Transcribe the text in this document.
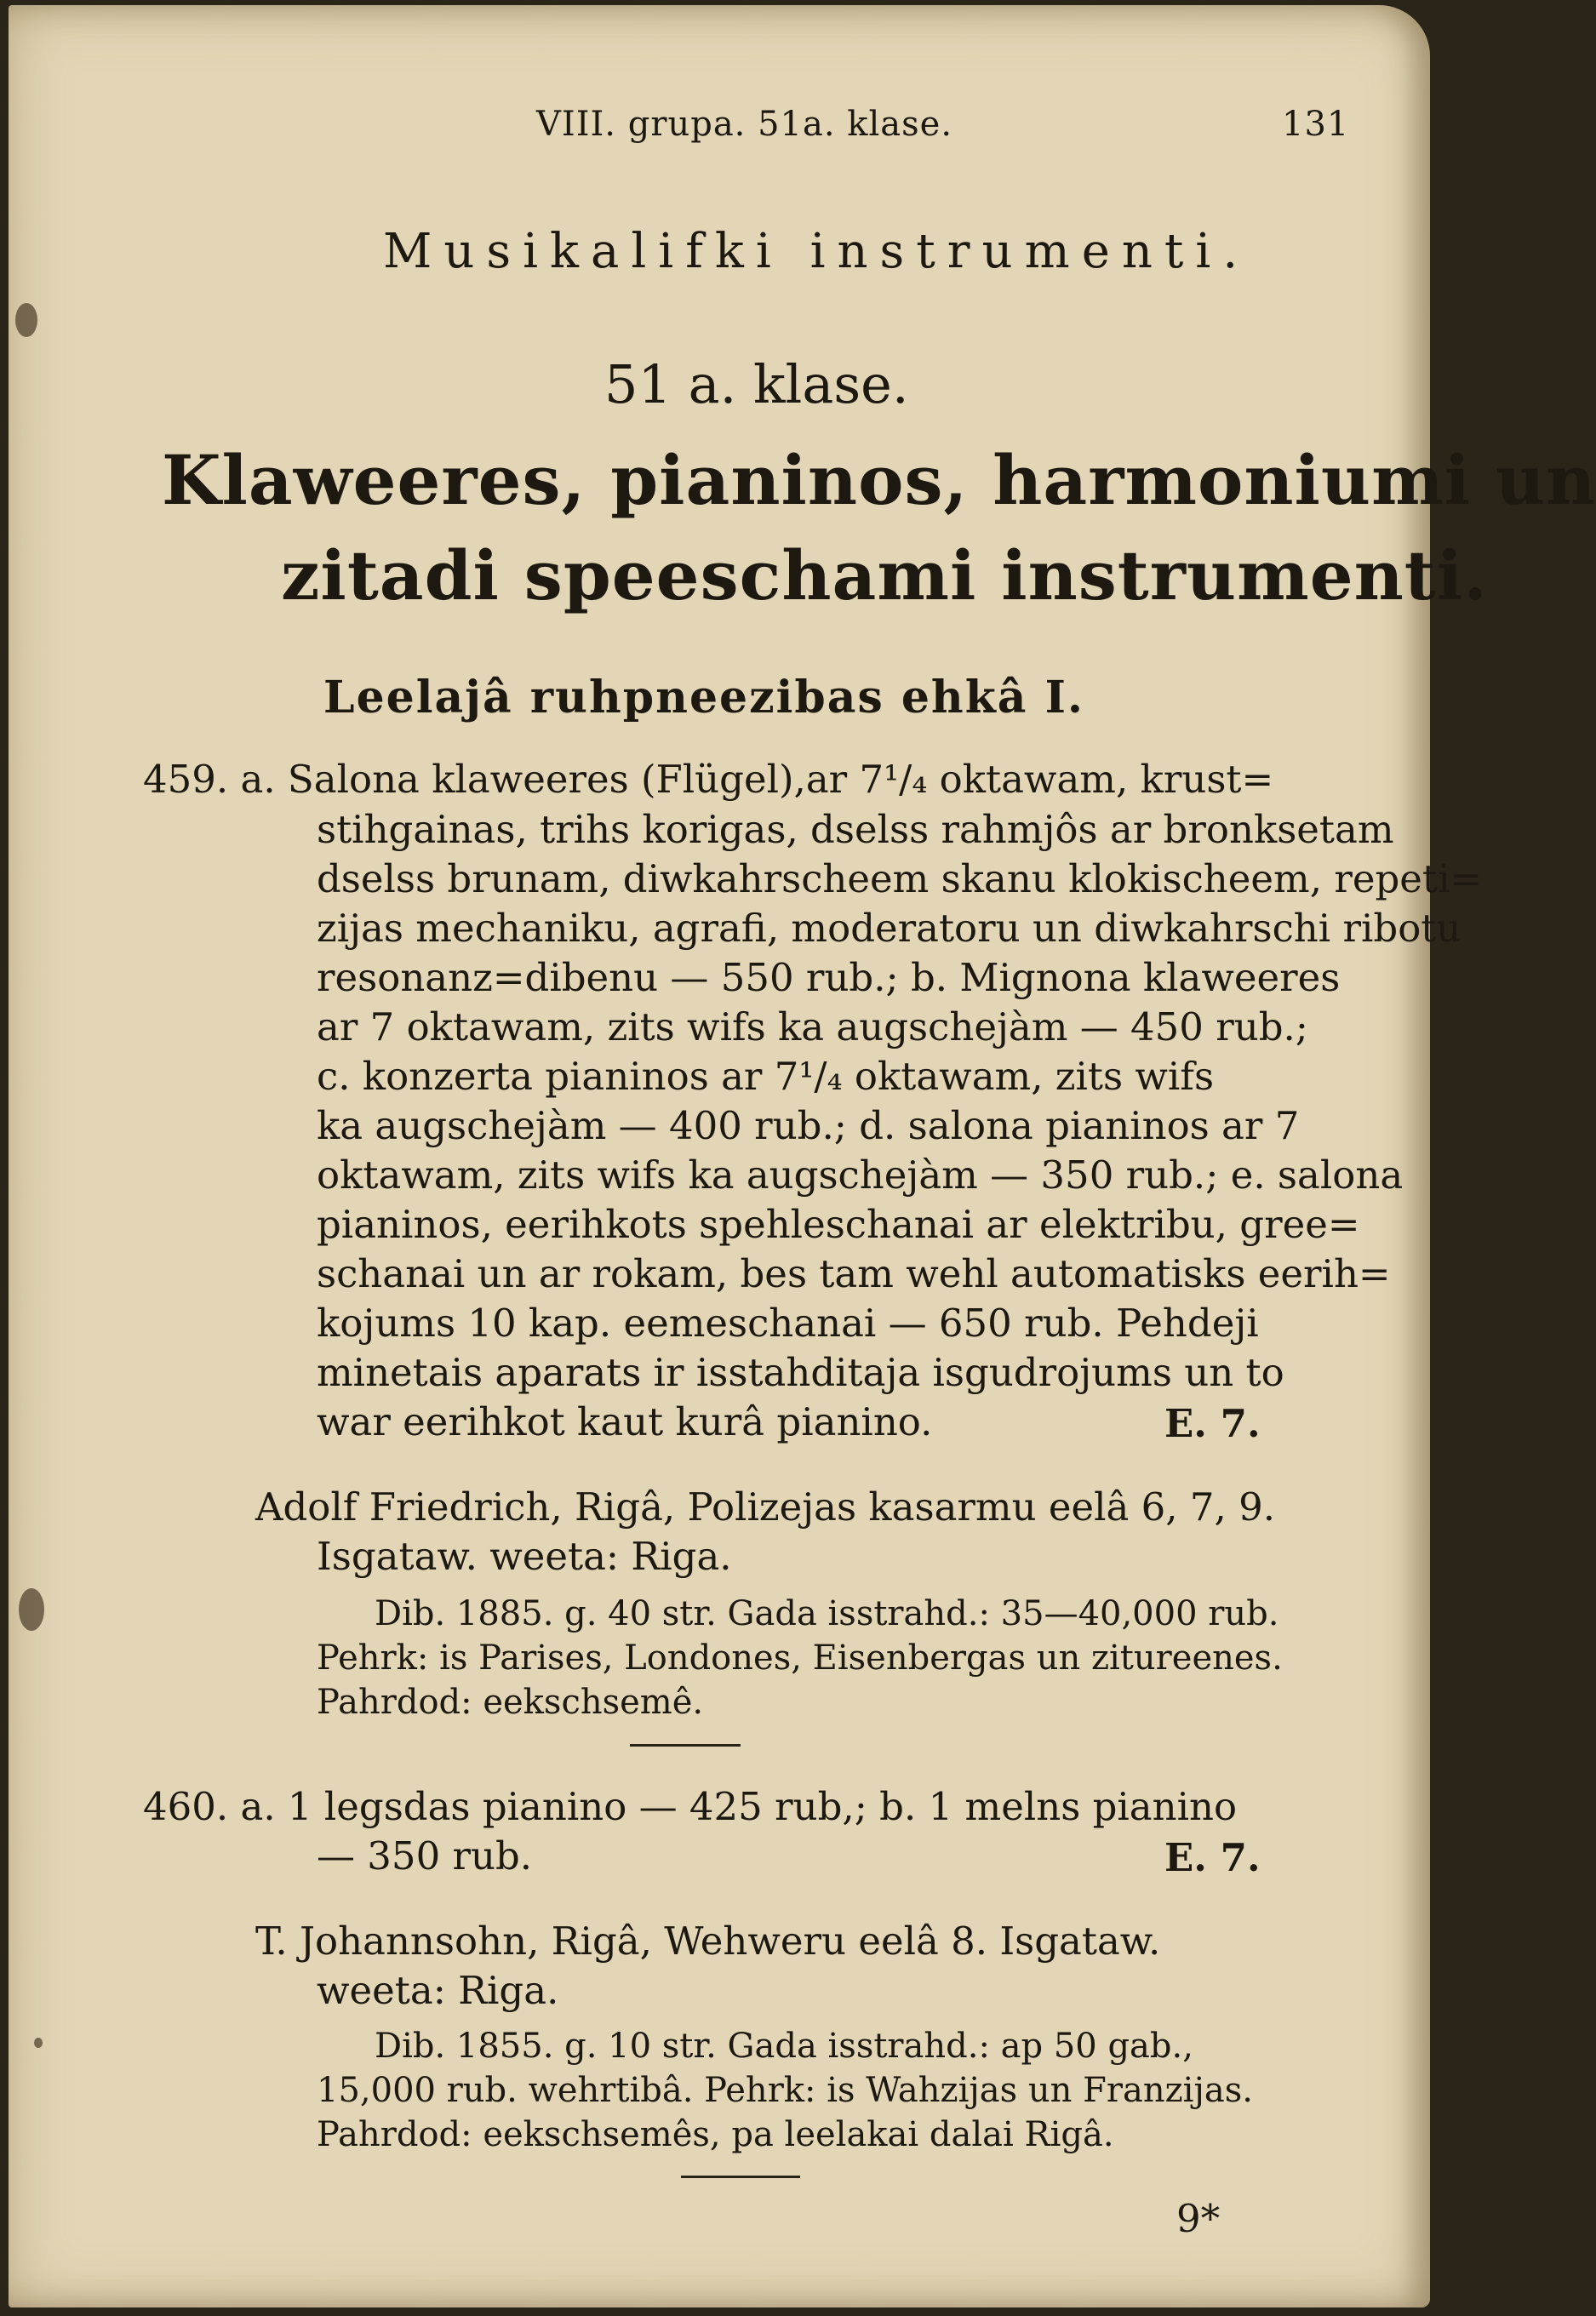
VIII. grupa. 51a. klase.	131
Musikalifki instrumenti.
51 a. klase.
Klaweeres, pianinos, harmoniumi un
zitadi speeschami instrumenti.
Leelajâ ruhpneezibas ehkâ I.
459. a. Salona klaweeres (Flügel),ar 7¹/₄ oktawam, krust=
stihgainas, trihs korigas, dselss rahmjôs ar bronksetam
dselss brunam, diwkahrscheem skanu klokischeem, repeti=
zijas mechaniku, agrafi, moderatoru un diwkahrschi ribotu
resonanz=dibenu — 550 rub.; b. Mignona klaweeres
ar 7 oktawam, zits wifs ka augschejàm — 450 rub.;
c. konzerta pianinos ar 7¹/₄ oktawam, zits wifs
ka augschejàm — 400 rub.; d. salona pianinos ar 7
oktawam, zits wifs ka augschejàm — 350 rub.; e. salona
pianinos, eerihkots spehleschanai ar elektribu, gree=
schanai un ar rokam, bes tam wehl automatisks eerih=
kojums 10 kap. eemeschanai — 650 rub. Pehdeji
minetais aparats ir isstahditaja isgudrojums un to
war eerihkot kaut kurâ pianino.	E. 7.
Adolf Friedrich, Rigâ, Polizejas kasarmu eelâ 6, 7, 9.
Isgataw. weeta: Riga.
Dib. 1885. g. 40 str. Gada isstrahd.: 35—40,000 rub.
Pehrk: is Parises, Londones, Eisenbergas un zitureenes.
Pahrdod: eekschsemê.
460. a. 1 legsdas pianino — 425 rub,; b. 1 melns pianino
— 350 rub.	E. 7.
T. Johannsohn, Rigâ, Wehweru eelâ 8. Isgataw.
weeta: Riga.
Dib. 1855. g. 10 str. Gada isstrahd.: ap 50 gab.,
15,000 rub. wehrtibâ. Pehrk: is Wahzijas un Franzijas.
Pahrdod: eekschsemês, pa leelakai dalai Rigâ.
9*
